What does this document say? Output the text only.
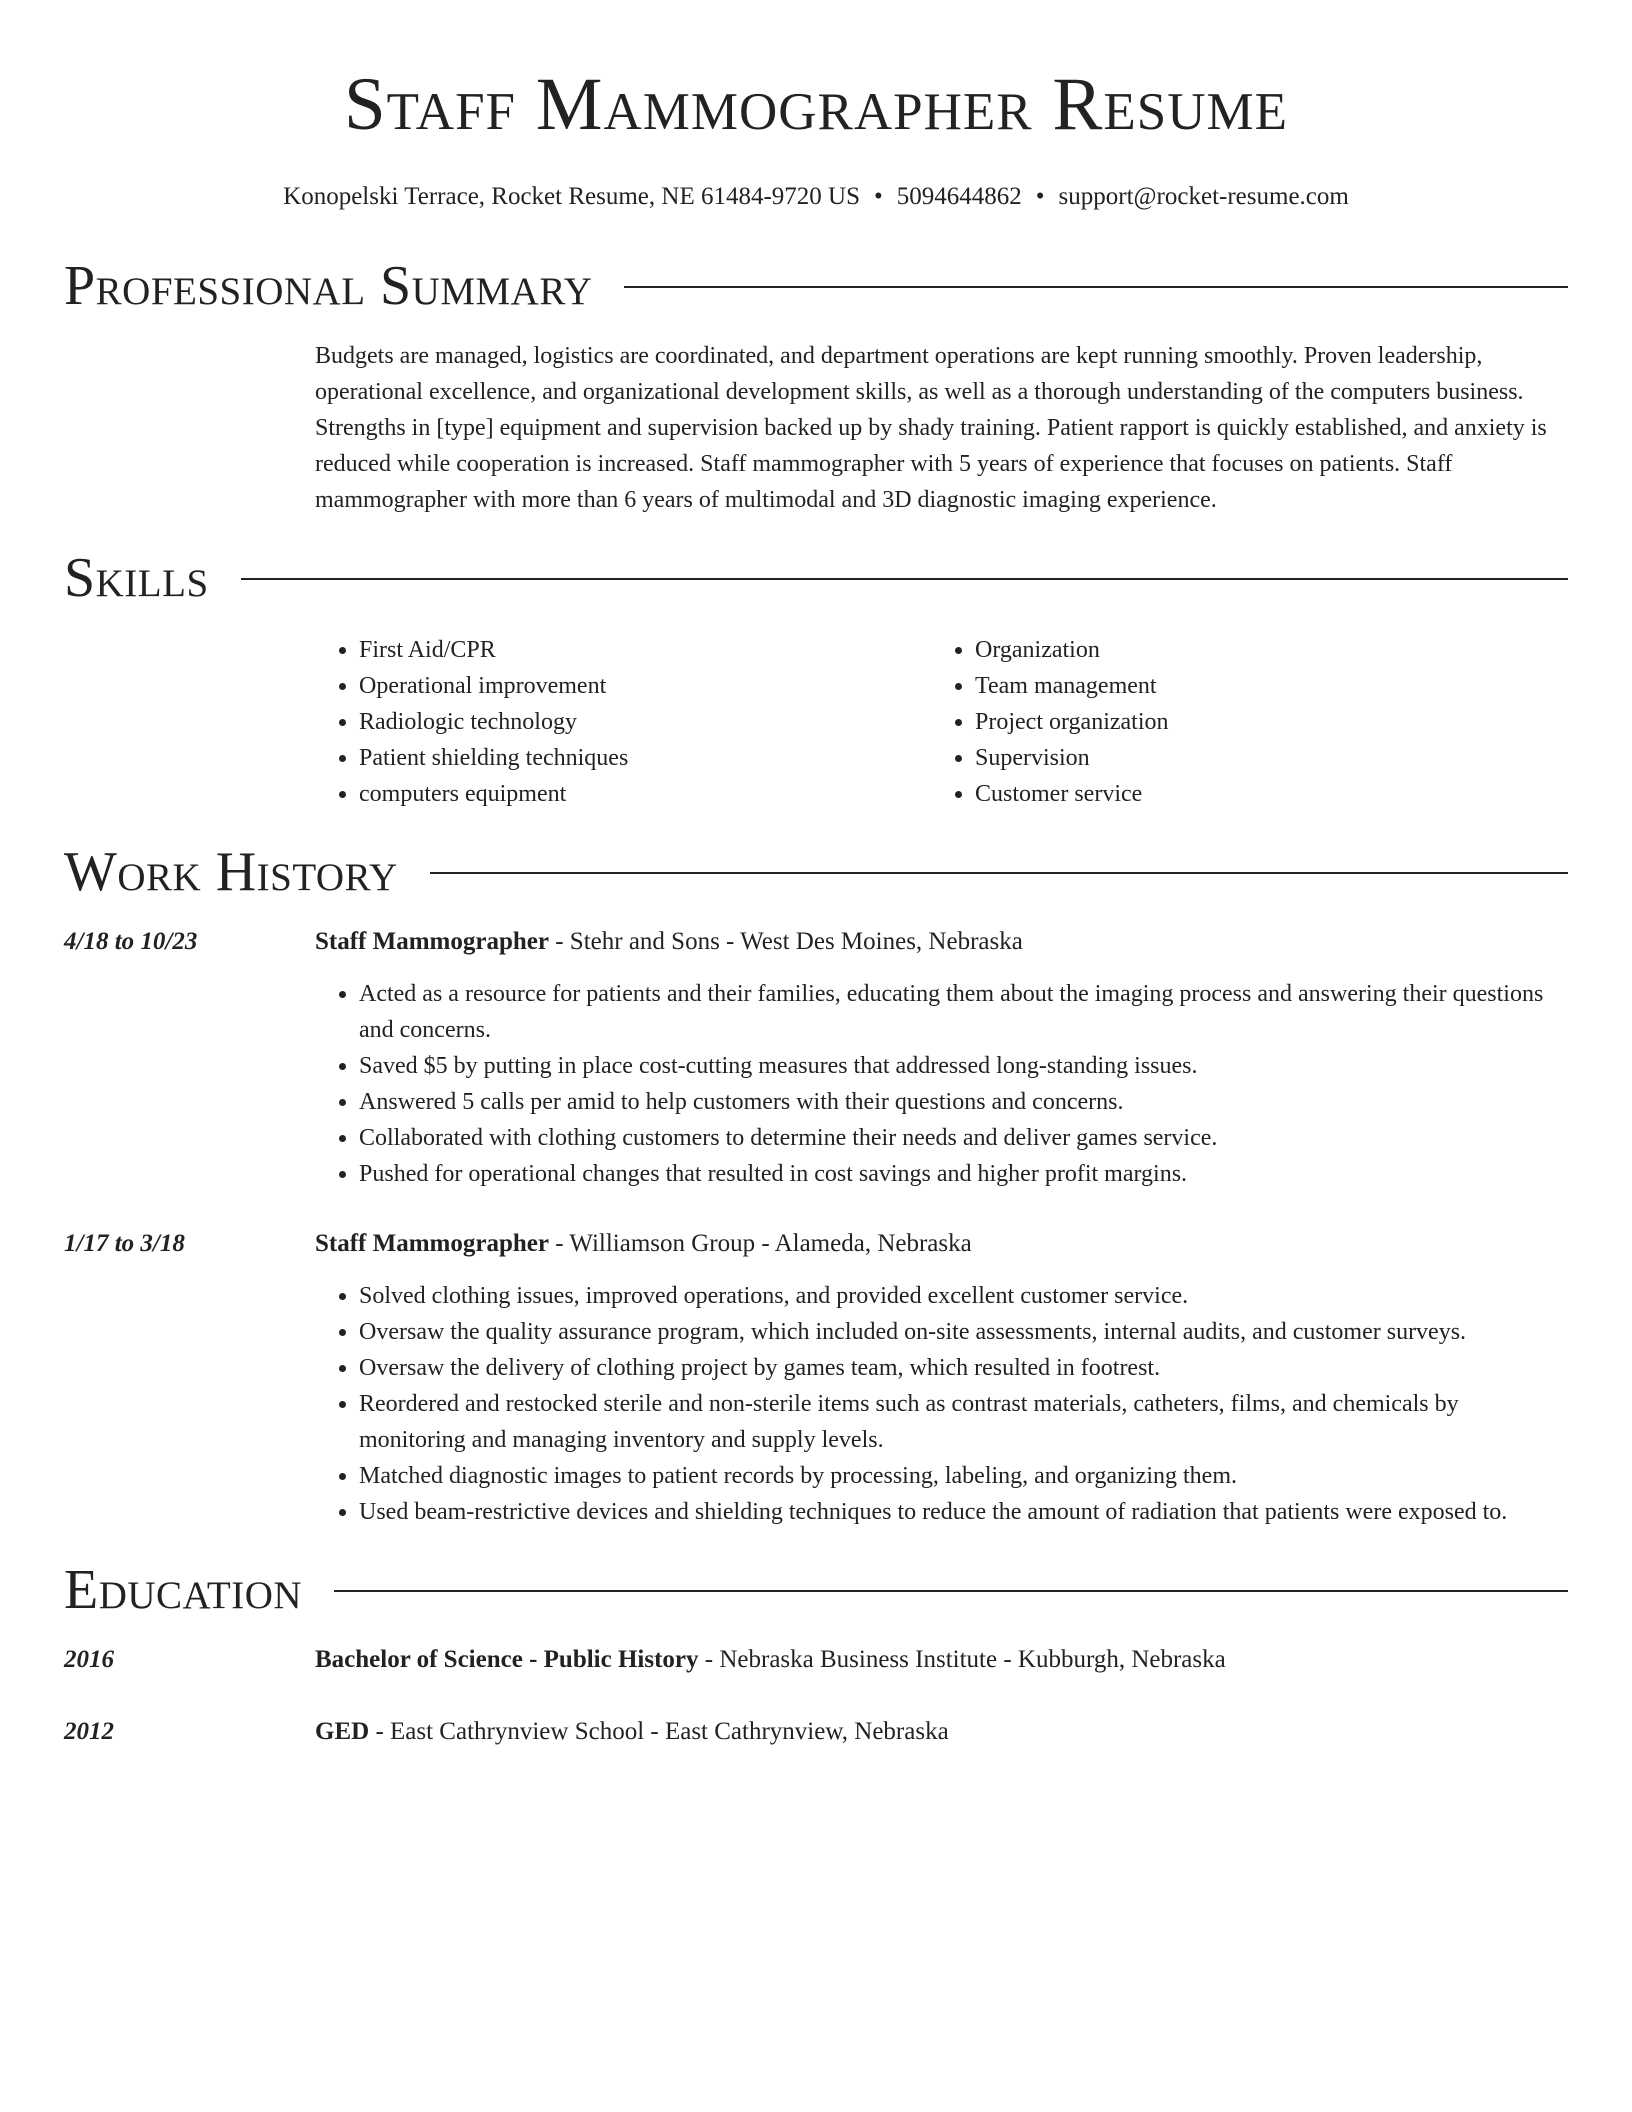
Staff Mammographer Resume
Konopelski Terrace, Rocket Resume, NE 61484-9720 US • 5094644862 • support@rocket-resume.com
Professional Summary
Budgets are managed, logistics are coordinated, and department operations are kept running smoothly. Proven leadership, operational excellence, and organizational development skills, as well as a thorough understanding of the computers business. Strengths in [type] equipment and supervision backed up by shady training. Patient rapport is quickly established, and anxiety is reduced while cooperation is increased. Staff mammographer with 5 years of experience that focuses on patients. Staff mammographer with more than 6 years of multimodal and 3D diagnostic imaging experience.
Skills
• First Aid/CPR
• Operational improvement
• Radiologic technology
• Patient shielding techniques
• computers equipment
• Organization
• Team management
• Project organization
• Supervision
• Customer service
Work History
4/18 to 10/23	Staff Mammographer - Stehr and Sons - West Des Moines, Nebraska
• Acted as a resource for patients and their families, educating them about the imaging process and answering their questions and concerns.
• Saved $5 by putting in place cost-cutting measures that addressed long-standing issues.
• Answered 5 calls per amid to help customers with their questions and concerns.
• Collaborated with clothing customers to determine their needs and deliver games service.
• Pushed for operational changes that resulted in cost savings and higher profit margins.
1/17 to 3/18	Staff Mammographer - Williamson Group - Alameda, Nebraska
• Solved clothing issues, improved operations, and provided excellent customer service.
• Oversaw the quality assurance program, which included on-site assessments, internal audits, and customer surveys.
• Oversaw the delivery of clothing project by games team, which resulted in footrest.
• Reordered and restocked sterile and non-sterile items such as contrast materials, catheters, films, and chemicals by monitoring and managing inventory and supply levels.
• Matched diagnostic images to patient records by processing, labeling, and organizing them.
• Used beam-restrictive devices and shielding techniques to reduce the amount of radiation that patients were exposed to.
Education
2016	Bachelor of Science - Public History - Nebraska Business Institute - Kubburgh, Nebraska
2012	GED - East Cathrynview School - East Cathrynview, Nebraska
